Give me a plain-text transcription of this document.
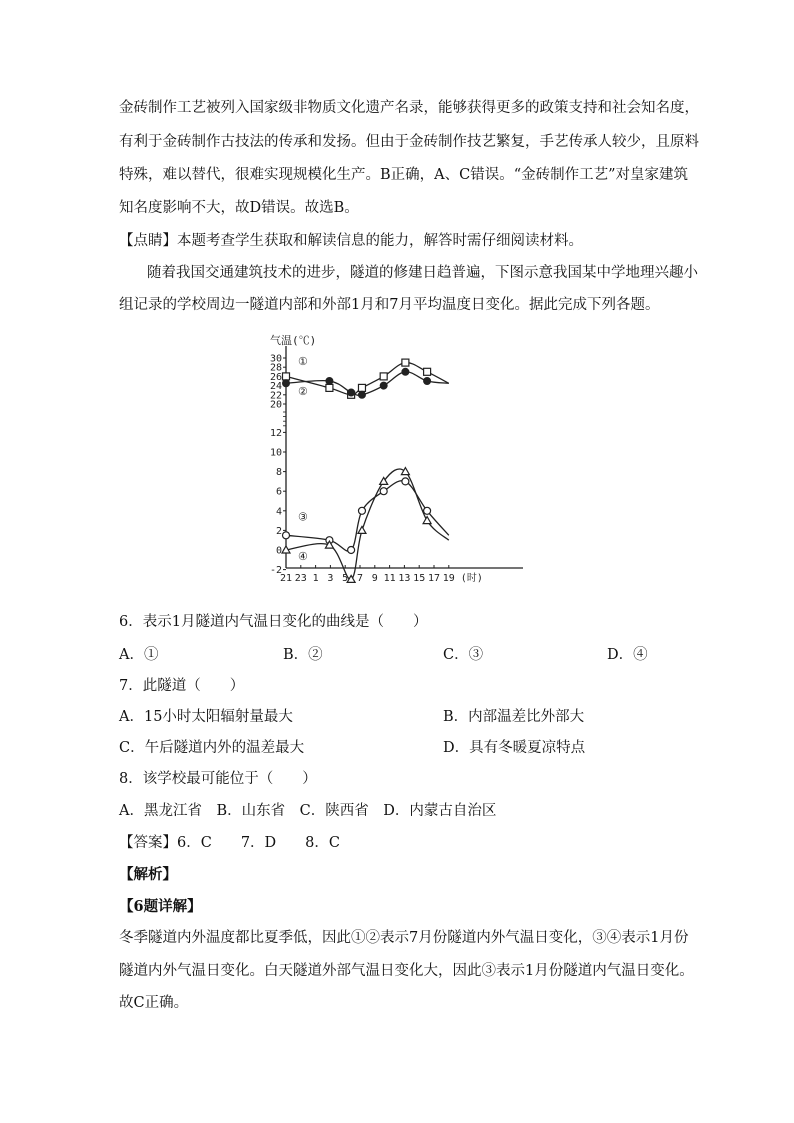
金砖制作工艺被列入国家级非物质文化遗产名录，能够获得更多的政策支持和社会知名度，
有利于金砖制作古技法的传承和发扬。但由于金砖制作技艺繁复，手艺传承人较少，且原料
特殊，难以替代，很难实现规模化生产。B正确，A、C错误。“金砖制作工艺”对皇家建筑
知名度影响不大，故D错误。故选B。
【点睛】本题考查学生获取和解读信息的能力，解答时需仔细阅读材料。
随着我国交通建筑技术的进步，隧道的修建日趋普遍，下图示意我国某中学地理兴趣小
组记录的学校周边一隧道内部和外部1月和7月平均温度日变化。据此完成下列各题。
气温(℃)
30
28
26
24
22
20
12
10
8
6
4
2
0
-2
21 23 1 3 5 7 9 11 13 15 17 19 (时)
①
②
③
④
6．表示1月隧道内气温日变化的曲线是（　　）
A．①	B．②	C．③	D．④
7．此隧道（　　）
A．15小时太阳辐射量最大	B．内部温差比外部大
C．午后隧道内外的温差最大	D．具有冬暖夏凉特点
8．该学校最可能位于（　　）
A．黑龙江省　B．山东省　C．陕西省　D．内蒙古自治区
【答案】6．C　　7．D　　8．C
【解析】
【6题详解】
冬季隧道内外温度都比夏季低，因此①②表示7月份隧道内外气温日变化，③④表示1月份
隧道内外气温日变化。白天隧道外部气温日变化大，因此③表示1月份隧道内气温日变化。
故C正确。
